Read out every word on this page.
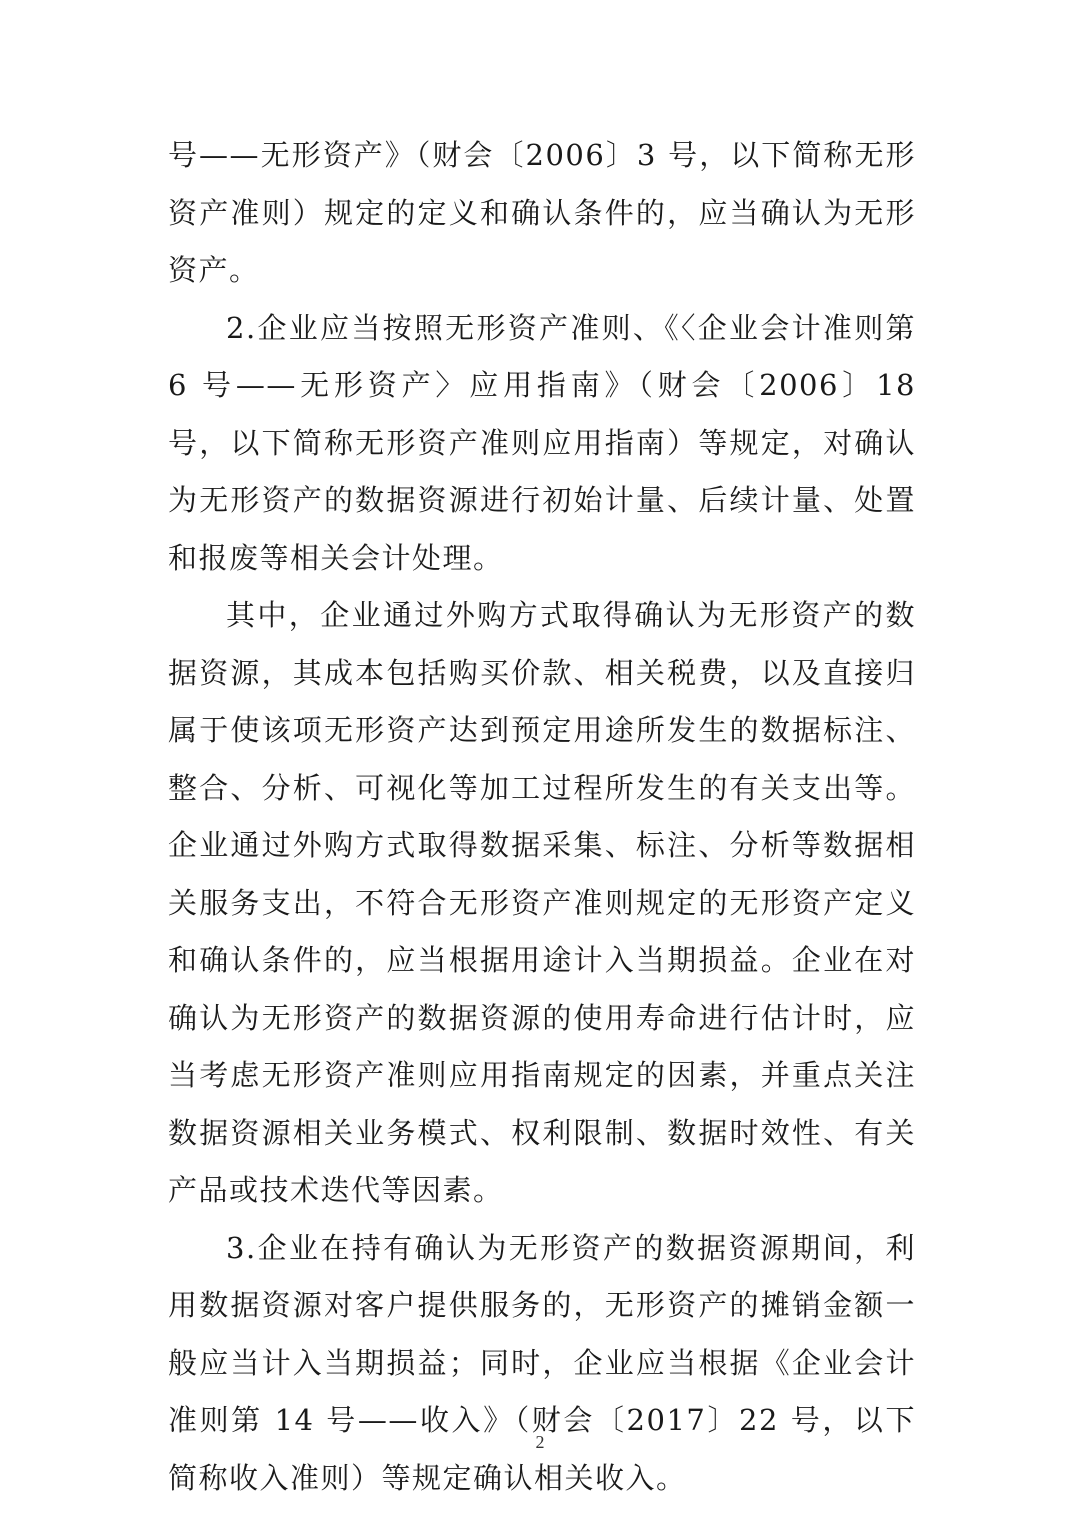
号——无形资产》（财会〔2006〕3 号，以下简称无形资产准则）规定的定义和确认条件的，应当确认为无形资产。

2.企业应当按照无形资产准则、《〈企业会计准则第 6 号——无形资产〉应用指南》（财会〔2006〕18 号，以下简称无形资产准则应用指南）等规定，对确认为无形资产的数据资源进行初始计量、后续计量、处置和报废等相关会计处理。

其中，企业通过外购方式取得确认为无形资产的数据资源，其成本包括购买价款、相关税费，以及直接归属于使该项无形资产达到预定用途所发生的数据标注、整合、分析、可视化等加工过程所发生的有关支出等。企业通过外购方式取得数据采集、标注、分析等数据相关服务支出，不符合无形资产准则规定的无形资产定义和确认条件的，应当根据用途计入当期损益。企业在对确认为无形资产的数据资源的使用寿命进行估计时，应当考虑无形资产准则应用指南规定的因素，并重点关注数据资源相关业务模式、权利限制、数据时效性、有关产品或技术迭代等因素。

3.企业在持有确认为无形资产的数据资源期间，利用数据资源对客户提供服务的，无形资产的摊销金额一般应当计入当期损益；同时，企业应当根据《企业会计准则第 14 号——收入》（财会〔2017〕22 号，以下简称收入准则）等规定确认相关收入。

2
